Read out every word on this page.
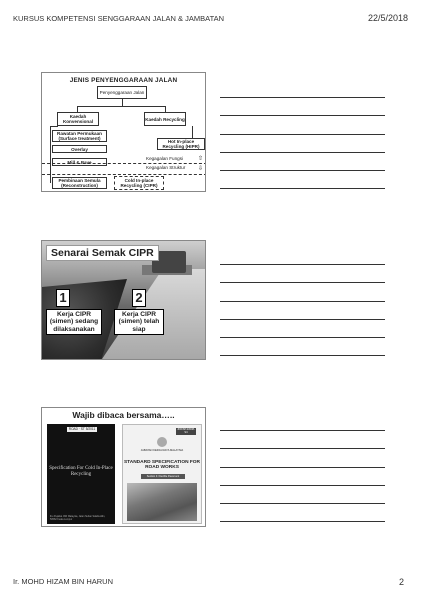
KURSUS KOMPETENSI SENGGARAAN JALAN & JAMBATAN	22/5/2018
JENIS PENYENGGARAAN JALAN
Penyenggaraan Jalan
Kaedah Konvensional	Kaedah Recycling
Rawatan Permukaan (Surface treatment)
Overlay
Mill & Pave
Pembinaan Semula (Reconstruction)
Hot In-place Recycling (HIPR)
Cold In-place Recycling (CIPR)
Kegagalan Fungsi
Kegagalan Struktur
⇧
⇩
Senarai Semak CIPR
1	2
Kerja CIPR (simen) sedang dilaksanakan
Kerja CIPR (simen) telah siap
Wajib dibaca bersama…..
ROAD · ST 5/2011
Specification For Cold In-Place Recycling
Ibu Pejabat JKR Malaysia, Jalan Sultan Salahuddin, 50582 Kuala Lumpur
JKR/SPJ/2008-S4
JABATAN KERJA RAYA MALAYSIA
STANDARD SPECIFICATION FOR ROAD WORKS
Section 4: Flexible Pavement
Ir. MOHD HIZAM BIN HARUN	2
